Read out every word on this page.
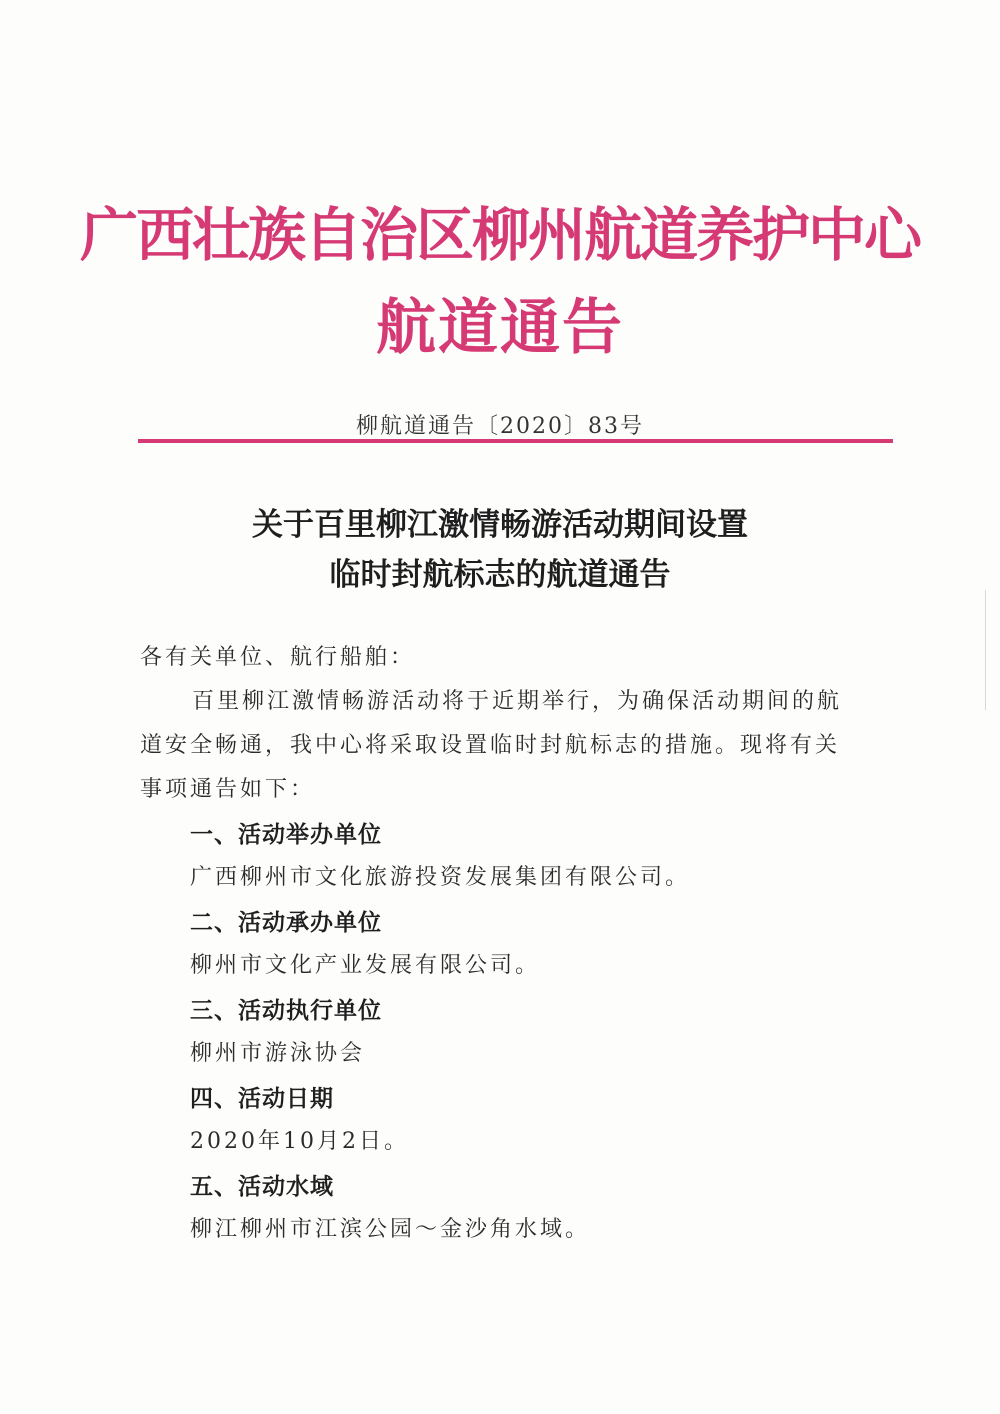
广西壮族自治区柳州航道养护中心
航道通告
柳航道通告〔2020〕83号
关于百里柳江激情畅游活动期间设置
临时封航标志的航道通告
各有关单位、航行船舶：
百里柳江激情畅游活动将于近期举行，为确保活动期间的航
道安全畅通，我中心将采取设置临时封航标志的措施。现将有关
事项通告如下：
一、活动举办单位
广西柳州市文化旅游投资发展集团有限公司。
二、活动承办单位
柳州市文化产业发展有限公司。
三、活动执行单位
柳州市游泳协会
四、活动日期
2020年10月2日。
五、活动水域
柳江柳州市江滨公园～金沙角水域。
